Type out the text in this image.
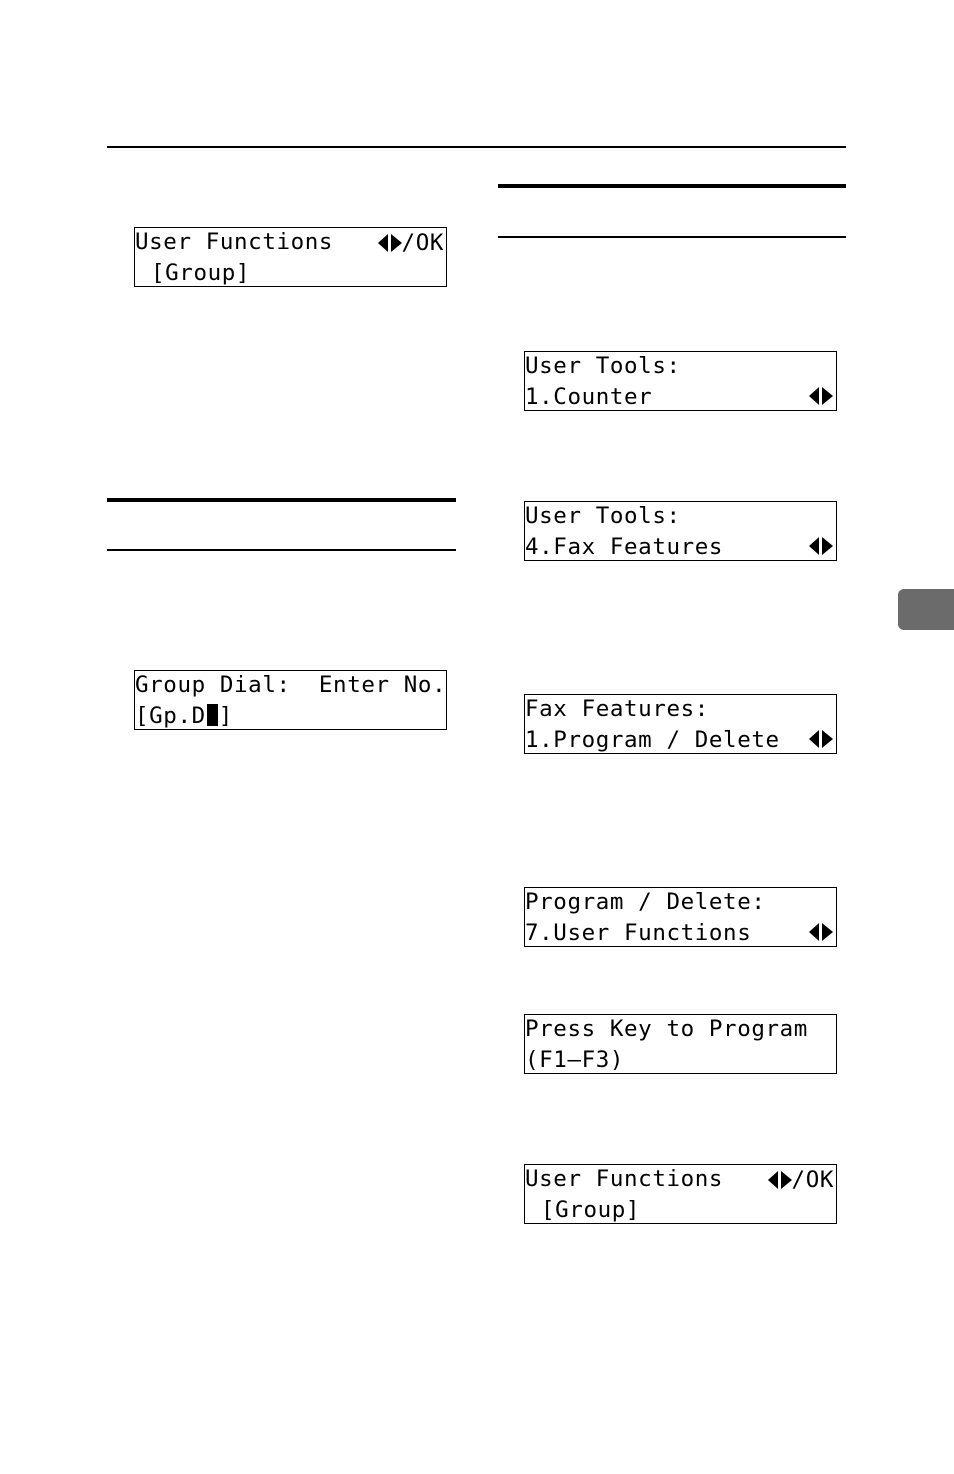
User Functions	/OK
[Group]
Group Dial:  Enter No.
[Gp.D ]
User Tools:
1.Counter
User Tools:
4.Fax Features
Fax Features:
1.Program / Delete
Program / Delete:
7.User Functions
Press Key to Program
(F1–F3)
User Functions	/OK
[Group]
